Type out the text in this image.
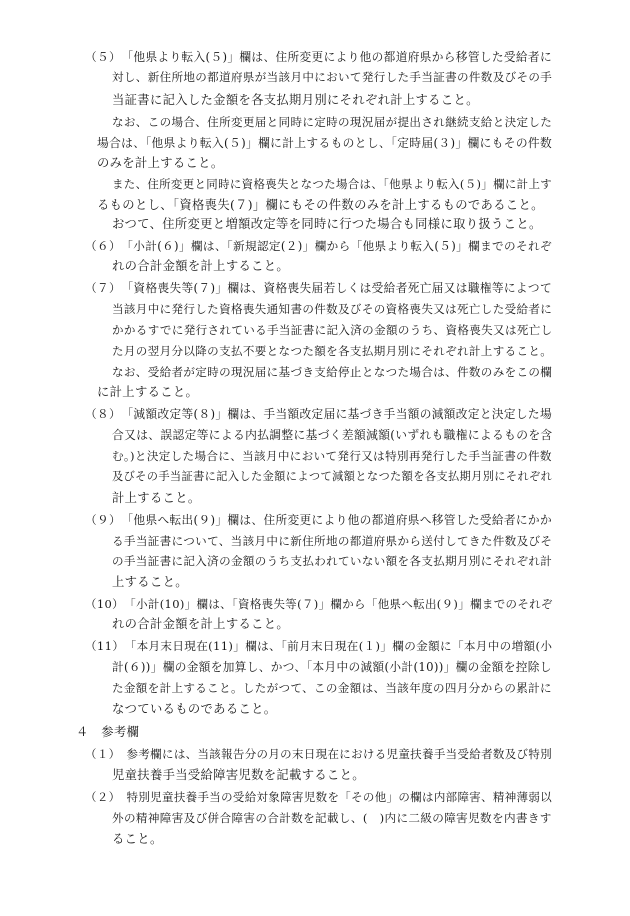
（５）　「他県より転入(５)」欄は、住所変更により他の都道府県から移管した受給者に
対し、新住所地の都道府県が当該月中において発行した手当証書の件数及びその手
当証書に記入した金額を各支払期月別にそれぞれ計上すること。
なお、この場合、住所変更届と同時に定時の現況届が提出され継続支給と決定した
場合は、「他県より転入(５)」欄に計上するものとし、「定時届(３)」欄にもその件数
のみを計上すること。
また、住所変更と同時に資格喪失となつた場合は、「他県より転入(５)」欄に計上す
るものとし、「資格喪失(７)」欄にもその件数のみを計上するものであること。
おつて、住所変更と増額改定等を同時に行つた場合も同様に取り扱うこと。
（６）　「小計(６)」欄は、「新規認定(２)」欄から「他県より転入(５)」欄までのそれぞ
れの合計金額を計上すること。
（７）　「資格喪失等(７)」欄は、資格喪失届若しくは受給者死亡届又は職権等によつて
当該月中に発行した資格喪失通知書の件数及びその資格喪失又は死亡した受給者に
かかるすでに発行されている手当証書に記入済の金額のうち、資格喪失又は死亡し
た月の翌月分以降の支払不要となつた額を各支払期月別にそれぞれ計上すること。
なお、受給者が定時の現況届に基づき支給停止となつた場合は、件数のみをこの欄
に計上すること。
（８）　「減額改定等(８)」欄は、手当額改定届に基づき手当額の減額改定と決定した場
合又は、誤認定等による内払調整に基づく差額減額(いずれも職権によるものを含
む。)と決定した場合に、当該月中において発行又は特別再発行した手当証書の件数
及びその手当証書に記入した金額によつて減額となつた額を各支払期月別にそれぞれ
計上すること。
（９）　「他県へ転出(９)」欄は、住所変更により他の都道府県へ移管した受給者にかか
る手当証書について、当該月中に新住所地の都道府県から送付してきた件数及びそ
の手当証書に記入済の金額のうち支払われていない額を各支払期月別にそれぞれ計
上すること。
（10）　「小計(10)」欄は、「資格喪失等(７)」欄から「他県へ転出(９)」欄までのそれぞ
れの合計金額を計上すること。
（11）　「本月末日現在(11)」欄は、「前月末日現在(１)」欄の金額に「本月中の増額(小
計(６))」欄の金額を加算し、かつ、「本月中の減額(小計(10))」欄の金額を控除し
た金額を計上すること。したがつて、この金額は、当該年度の四月分からの累計に
なつているものであること。
４　参考欄
（１）　参考欄には、当該報告分の月の末日現在における児童扶養手当受給者数及び特別
児童扶養手当受給障害児数を記載すること。
（２）　特別児童扶養手当の受給対象障害児数を「その他」の欄は内部障害、精神薄弱以
外の精神障害及び併合障害の合計数を記載し、(　)内に二級の障害児数を内書きす
ること。
